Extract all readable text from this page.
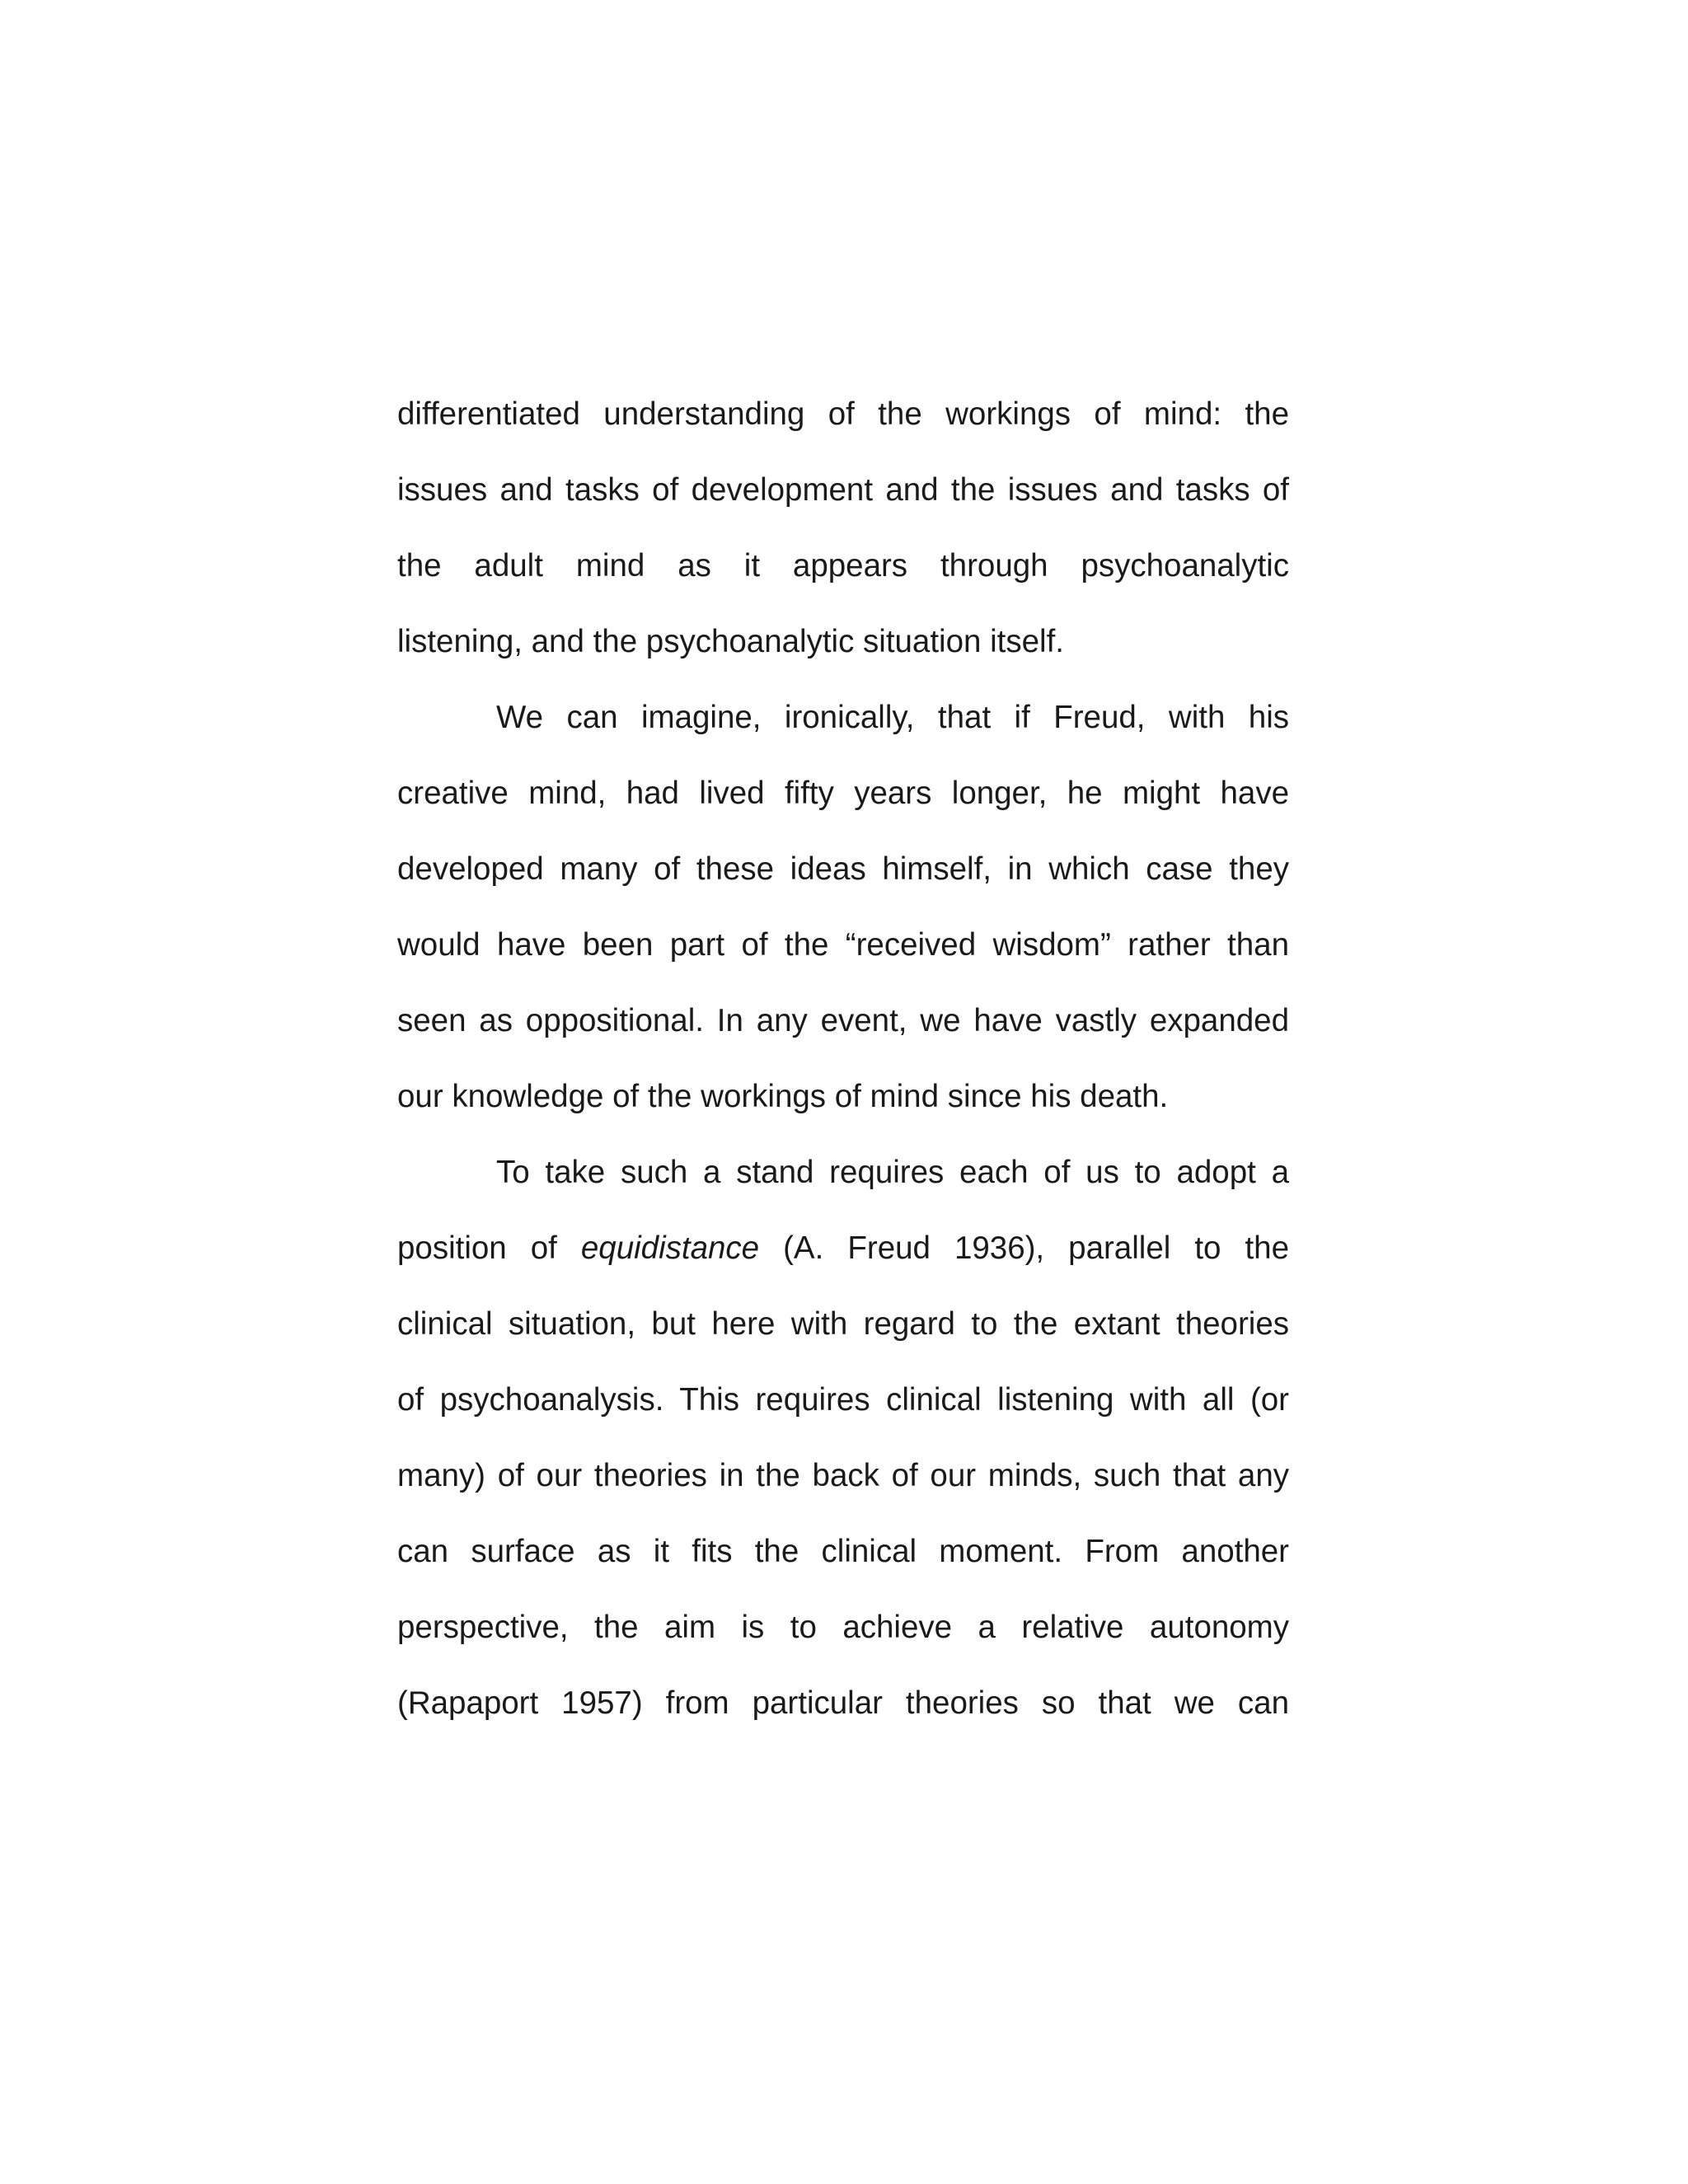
differentiated understanding of the workings of mind: the
issues and tasks of development and the issues and tasks of
the adult mind as it appears through psychoanalytic
listening, and the psychoanalytic situation itself.
We can imagine, ironically, that if Freud, with his
creative mind, had lived fifty years longer, he might have
developed many of these ideas himself, in which case they
would have been part of the “received wisdom” rather than
seen as oppositional. In any event, we have vastly expanded
our knowledge of the workings of mind since his death.
To take such a stand requires each of us to adopt a
position of equidistance (A. Freud 1936), parallel to the
clinical situation, but here with regard to the extant theories
of psychoanalysis. This requires clinical listening with all (or
many) of our theories in the back of our minds, such that any
can surface as it fits the clinical moment. From another
perspective, the aim is to achieve a relative autonomy
(Rapaport 1957) from particular theories so that we can
